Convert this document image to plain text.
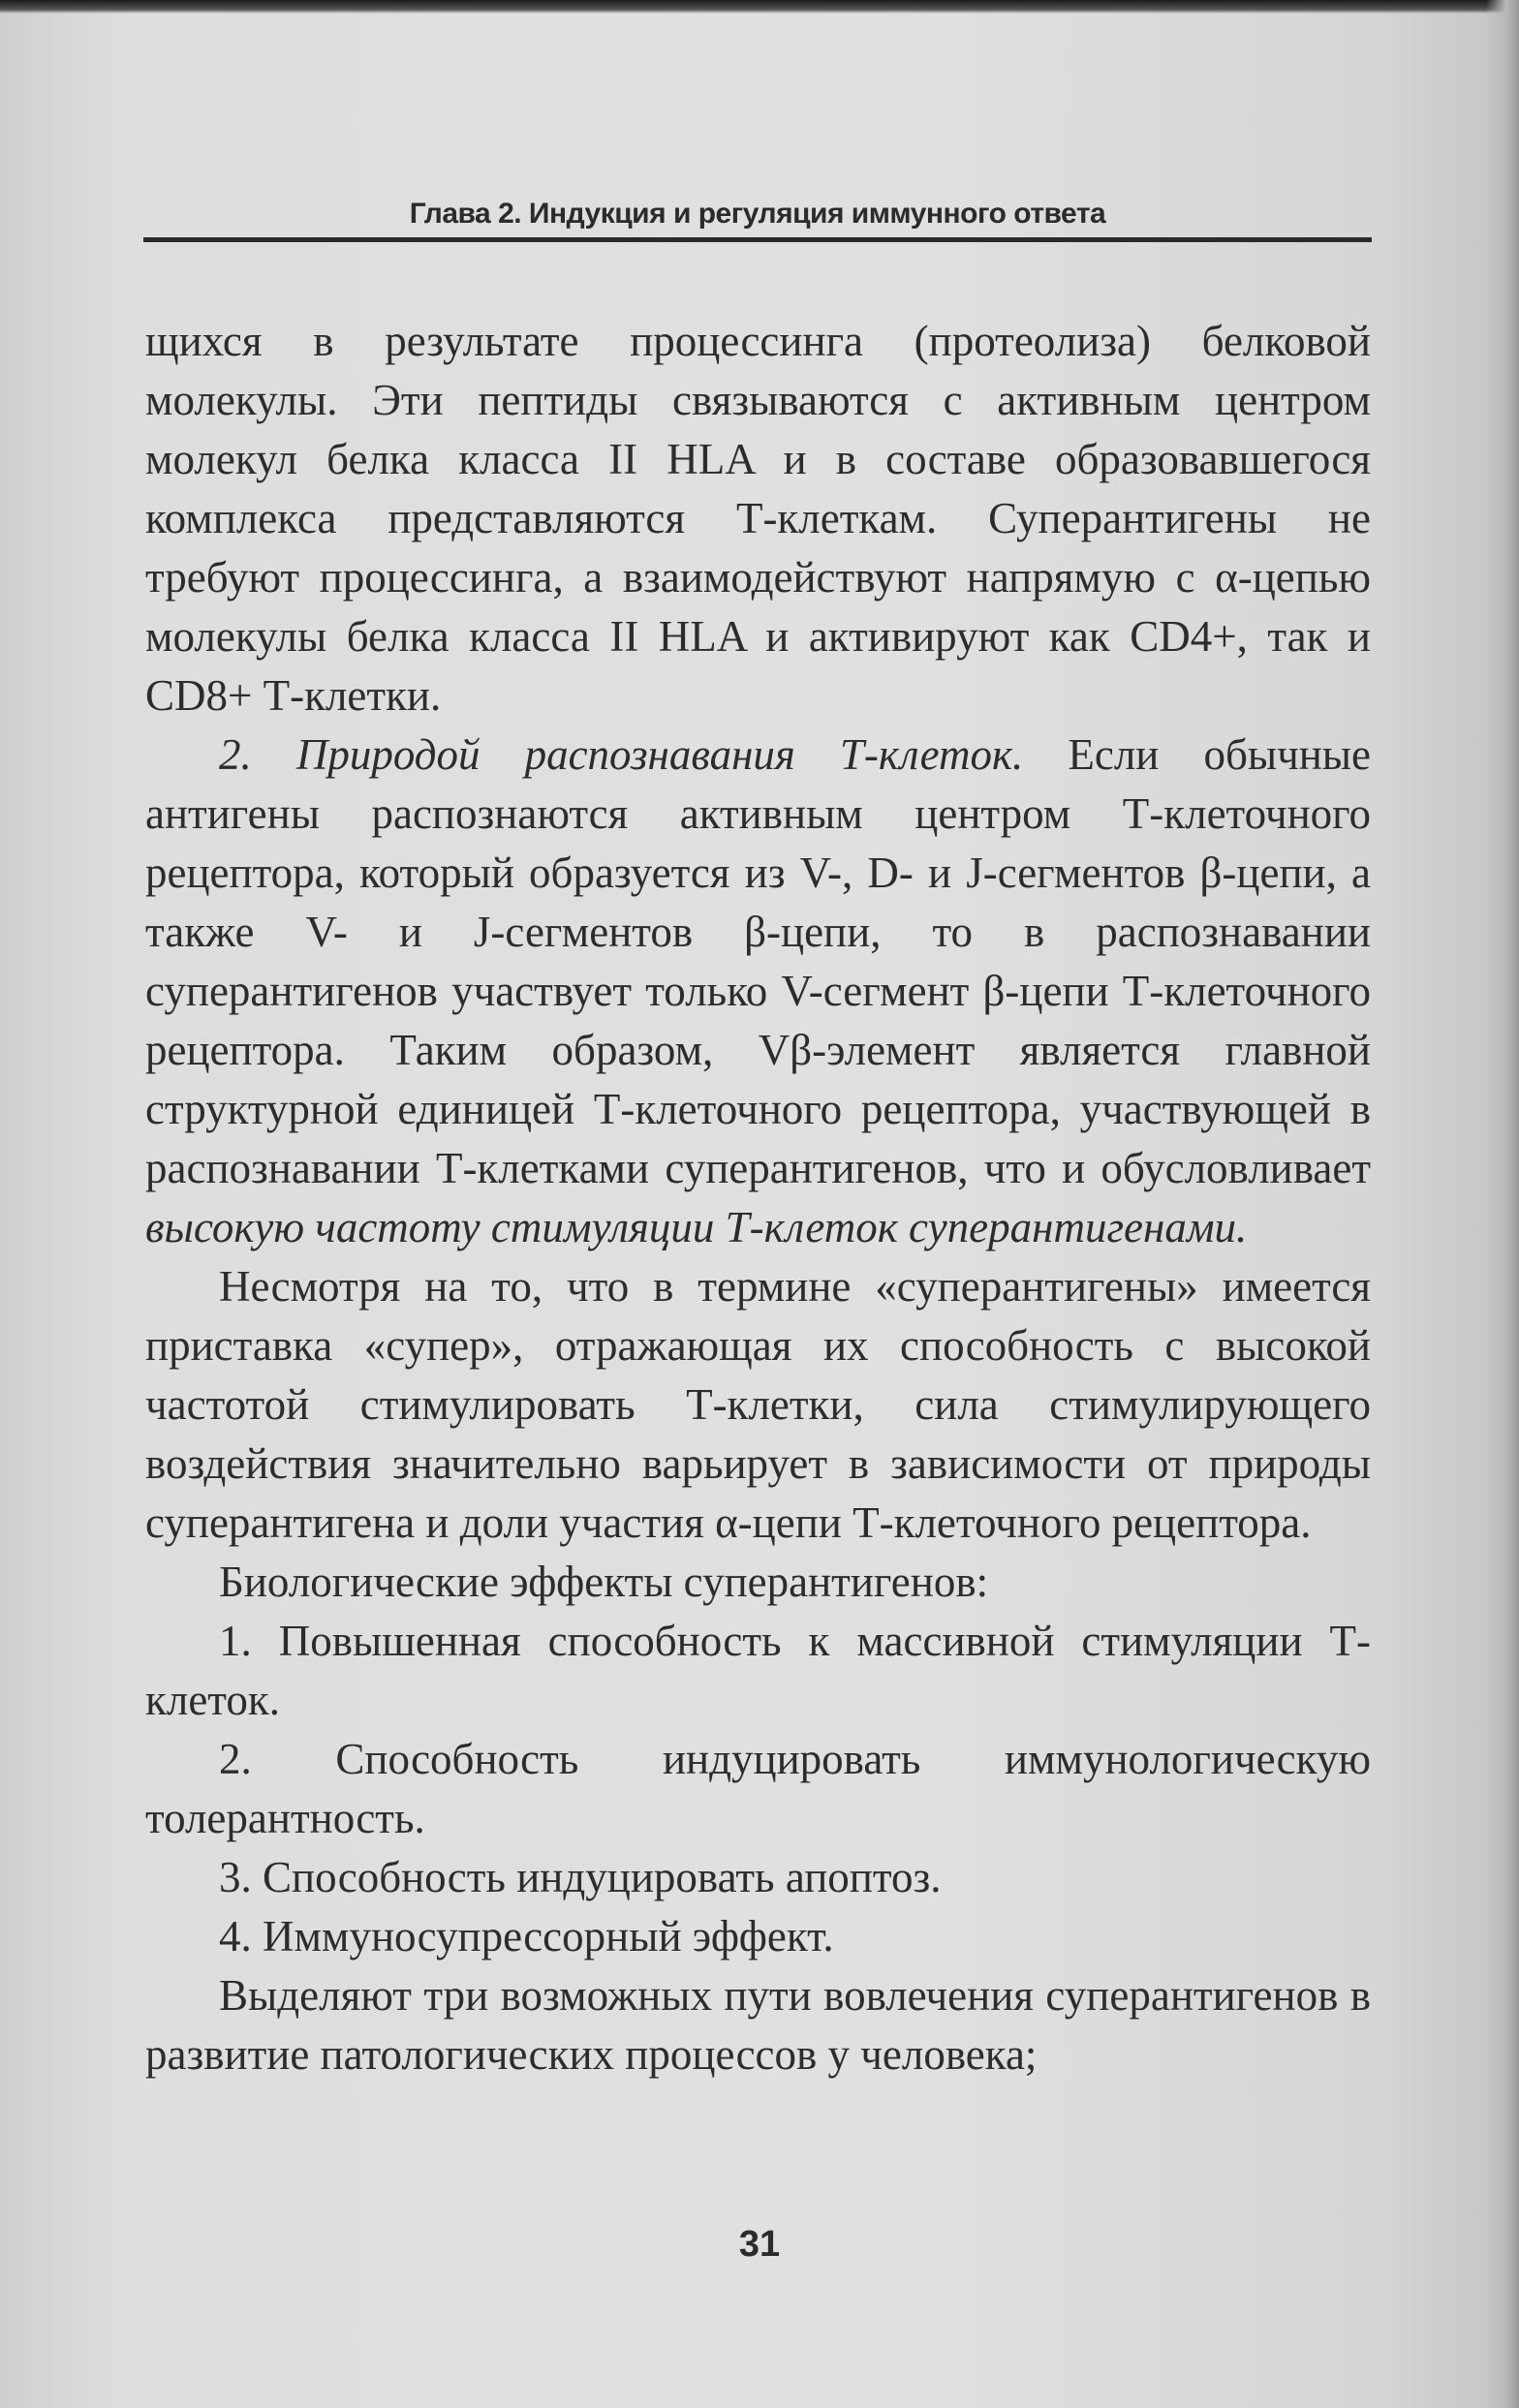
Глава 2. Индукция и регуляция иммунного ответа

щихся в результате процессинга (протеолиза) белковой молекулы. Эти пептиды связываются с активным центром молекул белка класса II HLA и в составе образовавшегося комплекса представляются Т-клеткам. Суперантигены не требуют процессинга, а взаимодействуют напрямую с α-цепью молекулы белка класса II HLA и активируют как CD4+, так и CD8+ Т-клетки.

2. Природой распознавания Т-клеток. Если обычные антигены распознаются активным центром Т-клеточного рецептора, который образуется из V-, D- и J-сегментов β-цепи, а также V- и J-сегментов β-цепи, то в распознавании суперантигенов участвует только V-сегмент β-цепи Т-клеточного рецептора. Таким образом, Vβ-элемент является главной структурной единицей Т-клеточного рецептора, участвующей в распознавании Т-клетками суперантигенов, что и обусловливает высокую частоту стимуляции Т-клеток суперантигенами.

Несмотря на то, что в термине «суперантигены» имеется приставка «супер», отражающая их способность с высокой частотой стимулировать Т-клетки, сила стимулирующего воздействия значительно варьирует в зависимости от природы суперантигена и доли участия α-цепи Т-клеточного рецептора.

Биологические эффекты суперантигенов:

1. Повышенная способность к массивной стимуляции Т-клеток.

2. Способность индуцировать иммунологическую толерантность.

3. Способность индуцировать апоптоз.

4. Иммуносупрессорный эффект.

Выделяют три возможных пути вовлечения суперантигенов в развитие патологических процессов у человека;

31
